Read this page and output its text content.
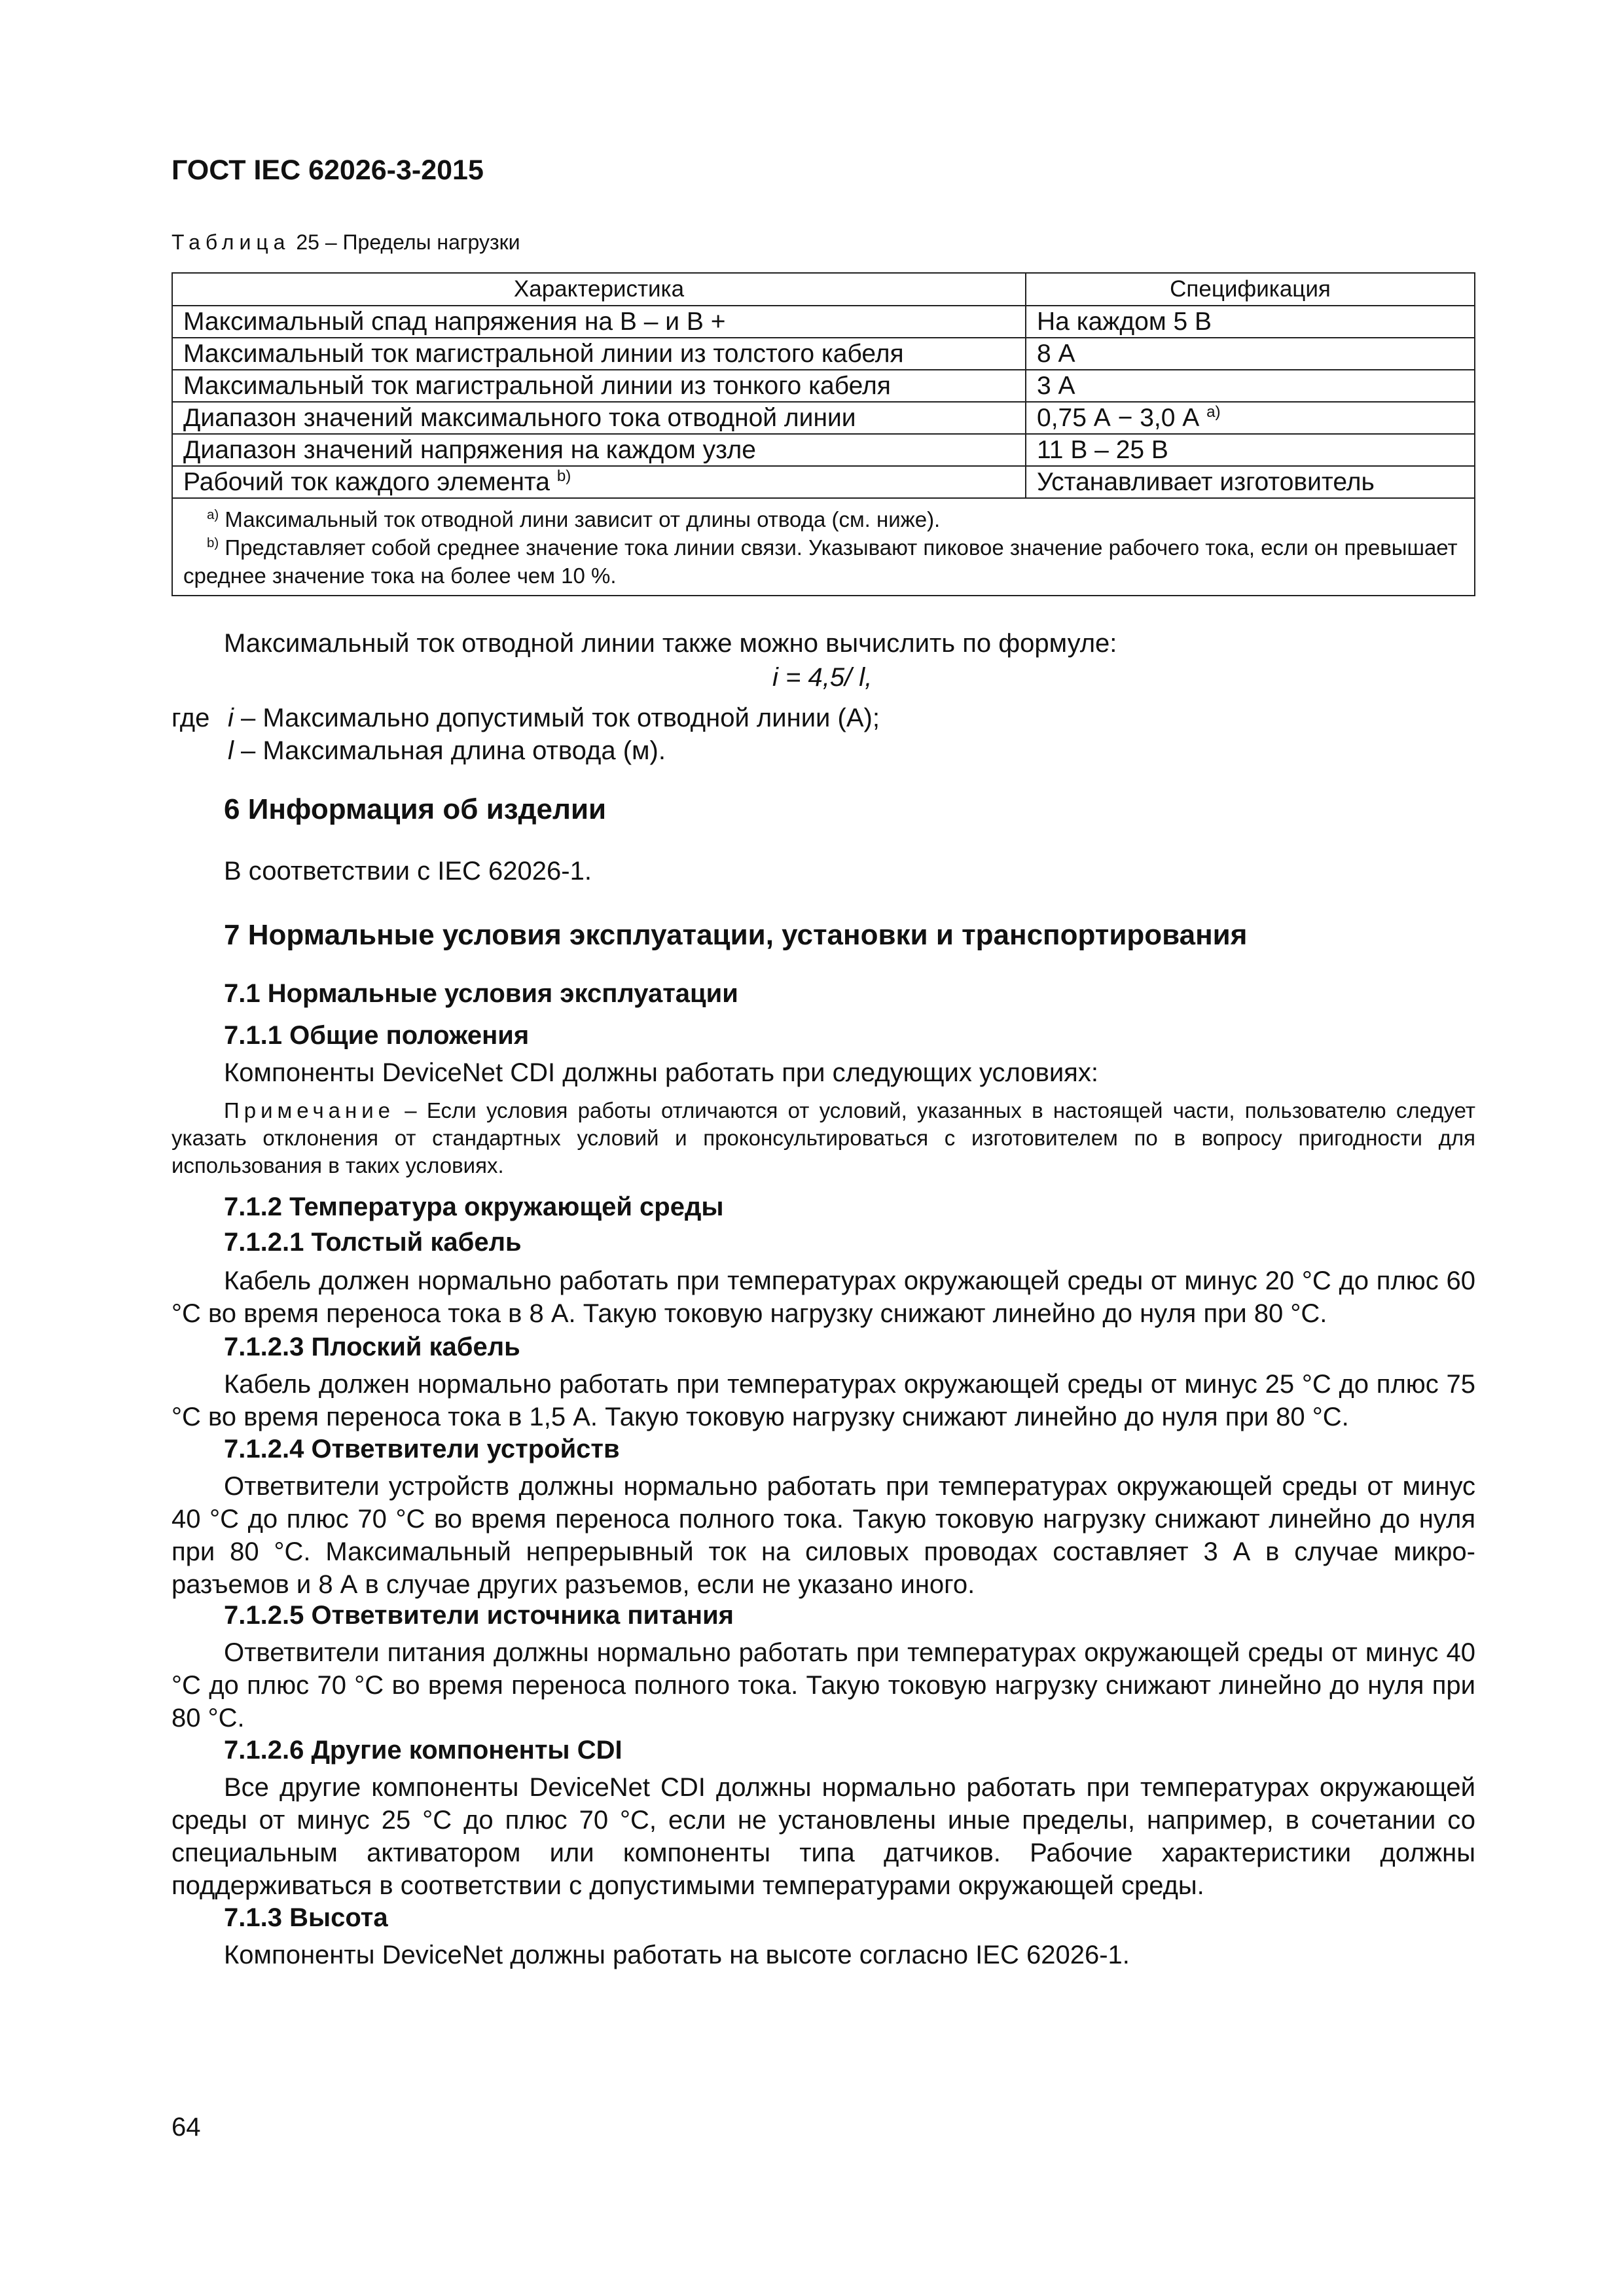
ГОСТ IEC 62026-3-2015
Таблица 25 – Пределы нагрузки
Характеристика	Спецификация
Максимальный спад напряжения на В – и В +	На каждом 5 В
Максимальный ток магистральной линии из толстого кабеля	8 А
Максимальный ток магистральной линии из тонкого кабеля	3 А
Диапазон значений максимального тока отводной линии	0,75 А − 3,0 А $^{a)}$
Диапазон значений напряжения на каждом узле	11 В – 25 В
Рабочий ток каждого элемента $^{b)}$	Устанавливает изготовитель

$^{a)}$ Максимальный ток отводной лини зависит от длины отвода (см. ниже).
$^{b)}$ Представляет собой среднее значение тока линии связи. Указывают пиковое значение рабочего тока, если он превышает среднее значение тока на более чем 10 %.	
Максимальный ток отводной линии также можно вычислить по формуле:
i = 4,5/ l,
где i – Максимально допустимый ток отводной линии (А);
l – Максимальная длина отвода (м).
6 Информация об изделии
В соответствии с IEC 62026-1.
7 Нормальные условия эксплуатации, установки и транспортирования
7.1 Нормальные условия эксплуатации
7.1.1 Общие положения
Компоненты DeviceNet CDI должны работать при следующих условиях:
Примечание – Если условия работы отличаются от условий, указанных в настоящей части, пользователю следует указать отклонения от стандартных условий и проконсультироваться с изготовителем по в вопросу пригодности для использования в таких условиях.
7.1.2 Температура окружающей среды
7.1.2.1 Толстый кабель
Кабель должен нормально работать при температурах окружающей среды от минус 20 °С до плюс 60 °С во время переноса тока в 8 А. Такую токовую нагрузку снижают линейно до нуля при 80 °С.
7.1.2.3 Плоский кабель
Кабель должен нормально работать при температурах окружающей среды от минус 25 °С до плюс 75 °С во время переноса тока в 1,5 А. Такую токовую нагрузку снижают линейно до нуля при 80 °С.
7.1.2.4 Ответвители устройств
Ответвители устройств должны нормально работать при температурах окружающей среды от минус 40 °С до плюс 70 °С во время переноса полного тока. Такую токовую нагрузку снижают линейно до нуля при 80 °С. Максимальный непрерывный ток на силовых проводах составляет 3 А в случае микро-разъемов и 8 А в случае других разъемов, если не указано иного.
7.1.2.5 Ответвители источника питания
Ответвители питания должны нормально работать при температурах окружающей среды от минус 40 °С до плюс 70 °С во время переноса полного тока. Такую токовую нагрузку снижают линейно до нуля при 80 °С.
7.1.2.6 Другие компоненты CDI
Все другие компоненты DeviceNet CDI должны нормально работать при температурах окружающей среды от минус 25 °С до плюс 70 °С, если не установлены иные пределы, например, в сочетании со специальным активатором или компоненты типа датчиков. Рабочие характеристики должны поддерживаться в соответствии с допустимыми температурами окружающей среды.
7.1.3 Высота
Компоненты DeviceNet должны работать на высоте согласно IEC 62026-1.
64
